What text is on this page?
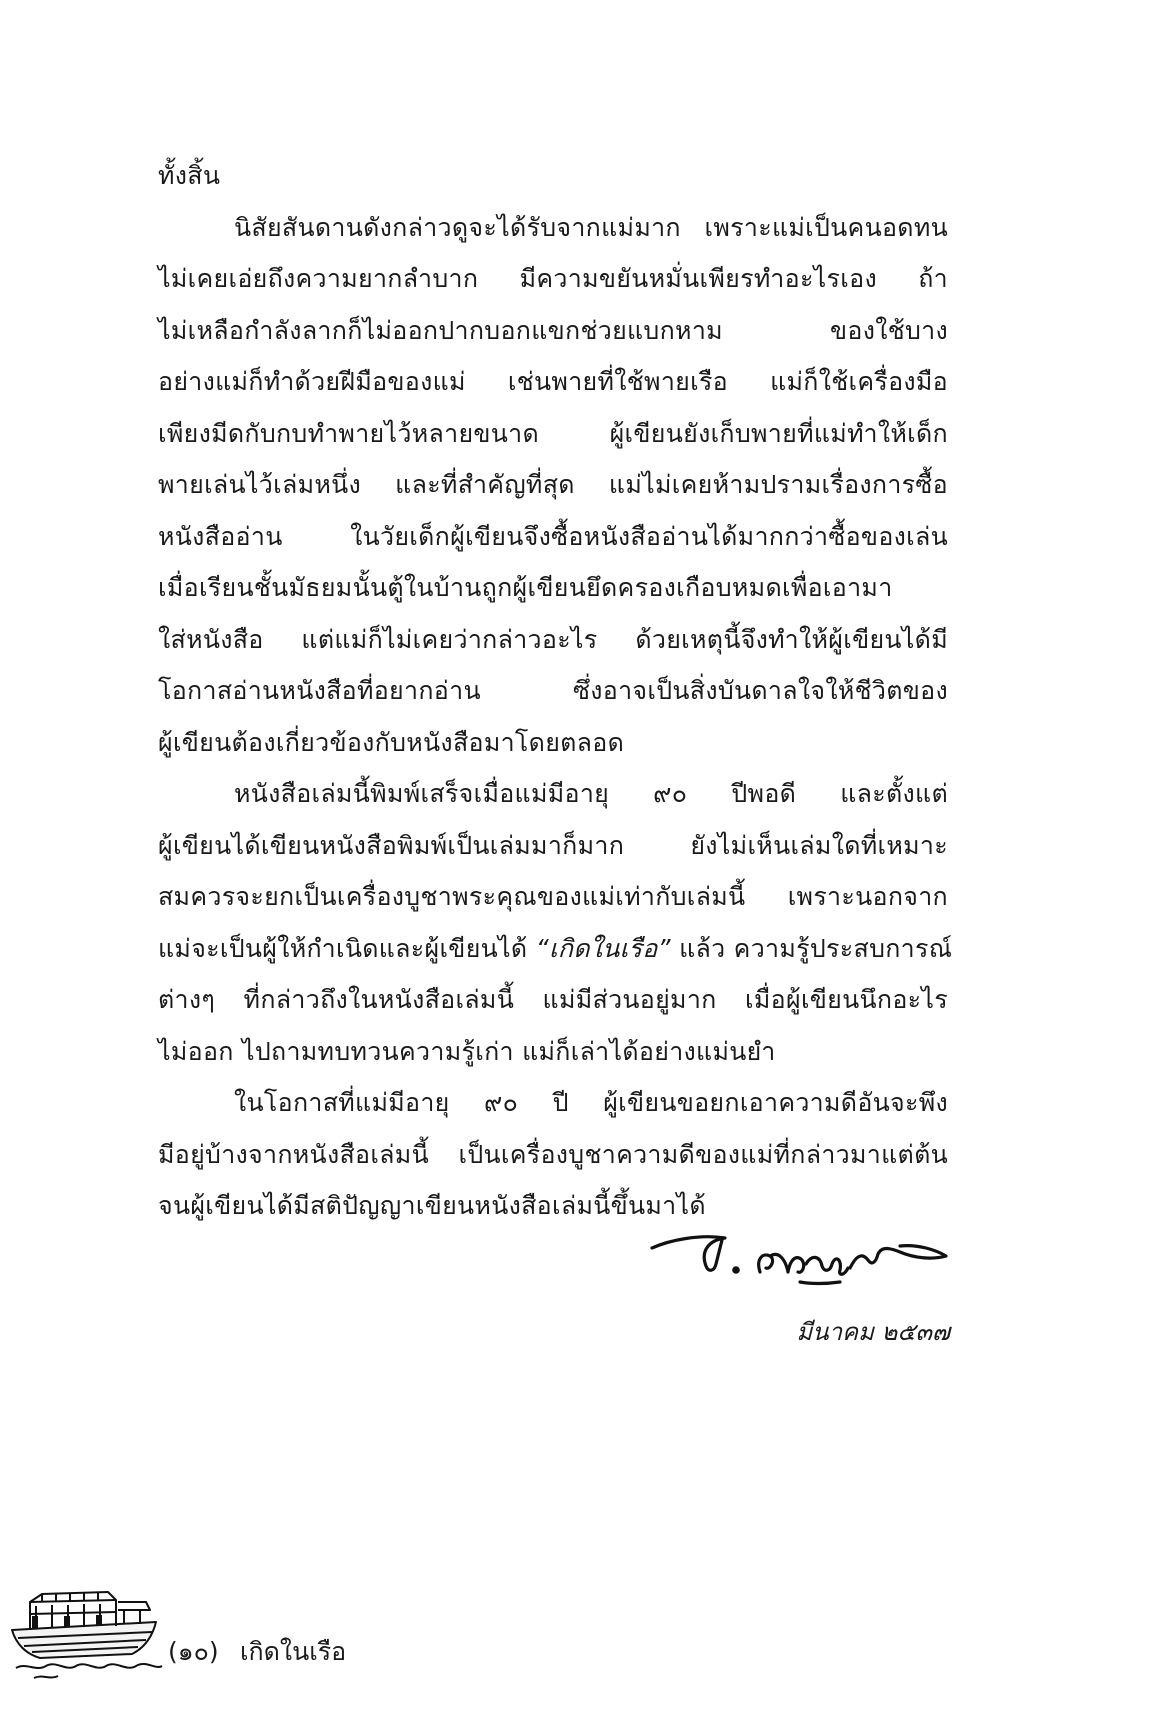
ทั้งสิ้น
นิสัยสันดานดังกล่าวดูจะได้รับจากแม่มาก เพราะแม่เป็นคนอดทน
ไม่เคยเอ่ยถึงความยากลำบาก มีความขยันหมั่นเพียรทำอะไรเอง ถ้า
ไม่เหลือกำลังลากก็ไม่ออกปากบอกแขกช่วยแบกหาม ของใช้บาง
อย่างแม่ก็ทำด้วยฝีมือของแม่ เช่นพายที่ใช้พายเรือ แม่ก็ใช้เครื่องมือ
เพียงมีดกับกบทำพายไว้หลายขนาด ผู้เขียนยังเก็บพายที่แม่ทำให้เด็ก
พายเล่นไว้เล่มหนึ่ง และที่สำคัญที่สุด แม่ไม่เคยห้ามปรามเรื่องการซื้อ
หนังสืออ่าน ในวัยเด็กผู้เขียนจึงซื้อหนังสืออ่านได้มากกว่าซื้อของเล่น
เมื่อเรียนชั้นมัธยมนั้นตู้ในบ้านถูกผู้เขียนยึดครองเกือบหมดเพื่อเอามา
ใส่หนังสือ แต่แม่ก็ไม่เคยว่ากล่าวอะไร ด้วยเหตุนี้จึงทำให้ผู้เขียนได้มี
โอกาสอ่านหนังสือที่อยากอ่าน ซึ่งอาจเป็นสิ่งบันดาลใจให้ชีวิตของ
ผู้เขียนต้องเกี่ยวข้องกับหนังสือมาโดยตลอด
หนังสือเล่มนี้พิมพ์เสร็จเมื่อแม่มีอายุ ๙๐ ปีพอดี และตั้งแต่
ผู้เขียนได้เขียนหนังสือพิมพ์เป็นเล่มมาก็มาก ยังไม่เห็นเล่มใดที่เหมาะ
สมควรจะยกเป็นเครื่องบูชาพระคุณของแม่เท่ากับเล่มนี้ เพราะนอกจาก
แม่จะเป็นผู้ให้กำเนิดและผู้เขียนได้ “เกิดในเรือ” แล้ว ความรู้ประสบการณ์
ต่างๆ ที่กล่าวถึงในหนังสือเล่มนี้ แม่มีส่วนอยู่มาก เมื่อผู้เขียนนึกอะไร
ไม่ออก ไปถามทบทวนความรู้เก่า แม่ก็เล่าได้อย่างแม่นยำ
ในโอกาสที่แม่มีอายุ ๙๐ ปี ผู้เขียนขอยกเอาความดีอันจะพึง
มีอยู่บ้างจากหนังสือเล่มนี้ เป็นเครื่องบูชาความดีของแม่ที่กล่าวมาแต่ต้น
จนผู้เขียนได้มีสติปัญญาเขียนหนังสือเล่มนี้ขึ้นมาได้
มีนาคม ๒๕๓๗
(๑๐) เกิดในเรือ
